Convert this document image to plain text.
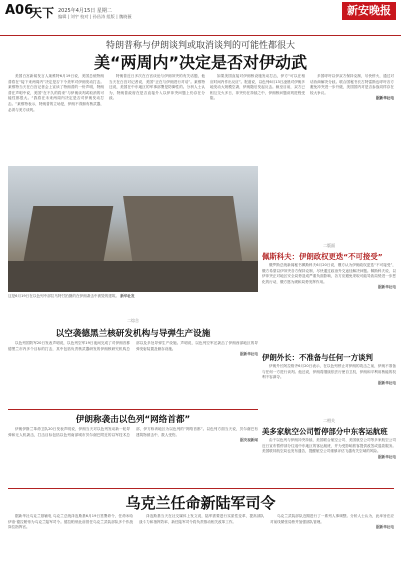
A06
天下 2025年4月15日 星期二
编辑 | 刘宇 校对 | 孙昌涛 组版 | 魏晓薇	新安晚报
特朗普称与伊朗谈判或取消谈判的可能性都很大
美“两周内”决定是否对伊动武

美国白宫新闻发言人莱维特6月19日说，美国总统特朗普将在“接下来两周内”决定是否下令美军对伊朗发动打击。莱维特当天在白宫记者会上宣读了特朗普的一份声明，特朗普在声明中说，美国“在不久的将来”与伊朗谈判或取消的可能性都很大。“我将在未来两周内决定是否对伊朗发动打击。”莱维特表示，特朗普的立场是，伊朗不得拥有核武器，必须与美方谈判。

特朗普近日多次在白宫谈论与伊朗冲突的有关话题，他当天在白宫对记者说，美国“正在与伊朗进行对话”。莱维特还说，美国在中东地区的军事部署是防御性的。分析人士认为，特朗普政府在是否直接介入以伊冲突问题上仍存在分歧。

如果美国直接对伊朗核设施发动打击，伊方“可以在相应时间内作出反应”。报道说，以色列6月13日凌晨对伊朗多地发动大规模空袭，伊朗随后发起反击。截至目前，双方已相互交火多日，冲突仍在持续之中，伊朗核问题谈判进程受阻。

多国呼吁以伊双方保持克制，尽快停火，通过对话协商解决分歧。联合国秘书长古特雷斯也呼吁各方避免冲突进一步升级，美国国内对是否参战同样存在较大争议。

据新华社电
这是6月19日在以色列中部拉马特甘拍摄的在伊朗袭击中被毁的建筑。 新华社发
二版面
佩斯科夫：伊朗政权更迭“不可接受”

俄罗斯总统新闻秘书佩斯科夫6月20日说，俄方认为伊朗政权更迭“不可接受”，俄方希望以伊冲突各方保持克制，尽快通过政治外交途径解决问题。佩斯科夫说，以伊冲突正对地区安全局势造成严重负面影响，各方应避免采取可能导致局势进一步恶化的行动，俄方愿为缓和局势发挥作用。

据新华社电
伊朗外长：不准备与任何一方谈判

伊朗外长阿拉格齐6月20日表示，在以色列停止对伊朗的攻击之前，伊朗不准备与任何一方进行谈判。他还说，伊朗将继续依法行使自卫权，伊朗和平利用核能的权利不容剥夺。

据新华社电
二相关
美多家航空公司暂停部分中东客运航班

由于以色列与伊朗冲突持续，美国联合航空公司、美国航空公司等多家航空公司近日宣布暂停部分往返中东地区的客运航班，并为受影响旅客提供改签或退款服务。美国联邦航空局也发布通告，提醒航空公司谨慎评估飞越有关空域的风险。

据新华社电
二综合
以空袭德黑兰核研发机构与导弹生产设施

以色列国防军20日发表声明说，以色列空军19日夜间完成了对伊朗首都德黑兰市内多个目标的打击，其中包括负责核武器研发的伊朗核研究机构总部以及多处导弹生产设施。声明说，以色列空军还袭击了伊朗西部地区的导弹发射装置及储存设施。

据新华社电
伊朗称袭击以色列“网络首都”

伊朗伊斯兰革命卫队20日发表声明说，伊朗当天对以色列发动新一轮导弹和无人机袭击，打击目标包括以色列南部城市贝尔谢巴附近的以军技术总部，伊方称该地区为以色列的“网络首都”。以色列方面当天说，贝尔谢巴有建筑物被击中，数人受伤。

据央视新闻
乌克兰任命新陆军司令

据新华社乌克兰基辅电 乌克兰总统泽连斯基6月19日签署命令，任命米哈伊洛·德拉帕蒂为乌克兰陆军司令。德拉帕蒂此前曾任乌克兰武装部队多个作战岗位指挥官。

泽连斯基当天在社交媒体上发文说，陆军需要进行实质性变革，提高部队战斗力和指挥效率，新任陆军司令将负责推动相关改革工作。

乌克兰武装部队近期进行了一系列人事调整。分析人士认为，此举旨在应对前线紧张局势并加强部队管理。

据新华社电
